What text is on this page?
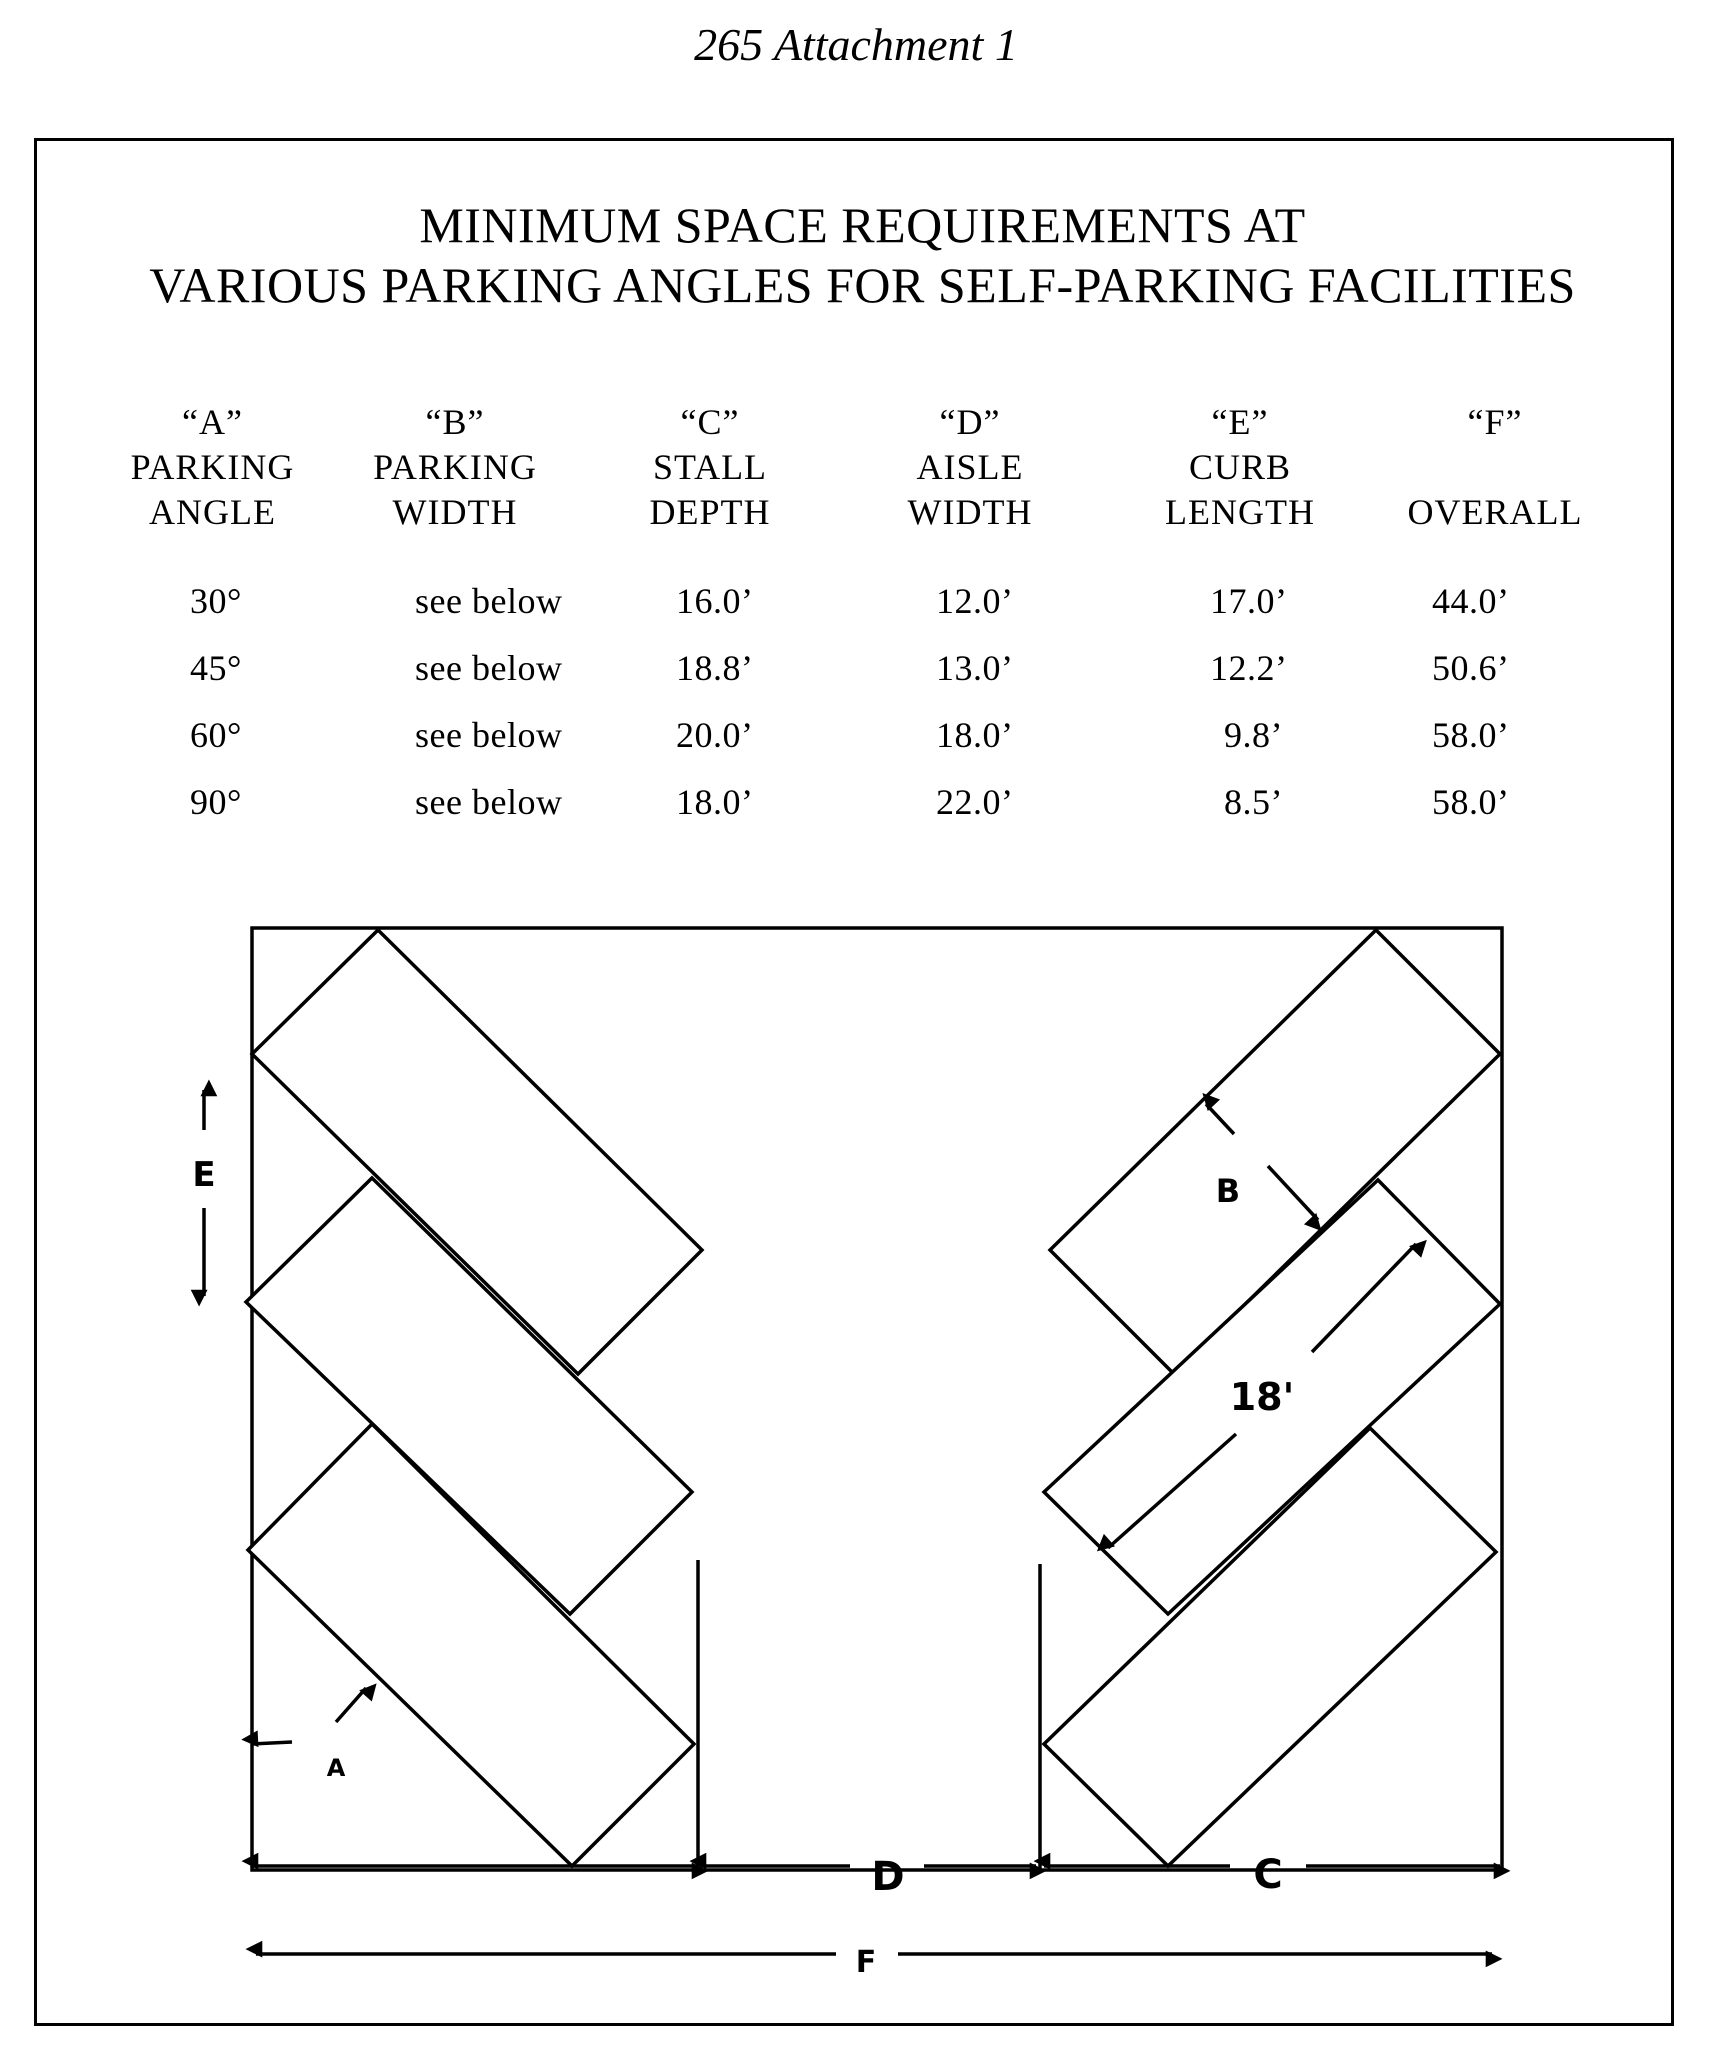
265 Attachment 1
MINIMUM SPACE REQUIREMENTS AT
VARIOUS PARKING ANGLES FOR SELF-PARKING FACILITIES
“A”
PARKING
ANGLE
“B”
PARKING
WIDTH
“C”
STALL
DEPTH
“D”
AISLE
WIDTH
“E”
CURB
LENGTH
“F”
OVERALL
30°	see below	16.0’	12.0’	17.0’	44.0’
45°	see below	18.8’	13.0’	12.2’	50.6’
60°	see below	20.0’	18.0’	9.8’	58.0’
90°	see below	18.0’	22.0’	8.5’	58.0’
E
A
B
18'
D	C
F
